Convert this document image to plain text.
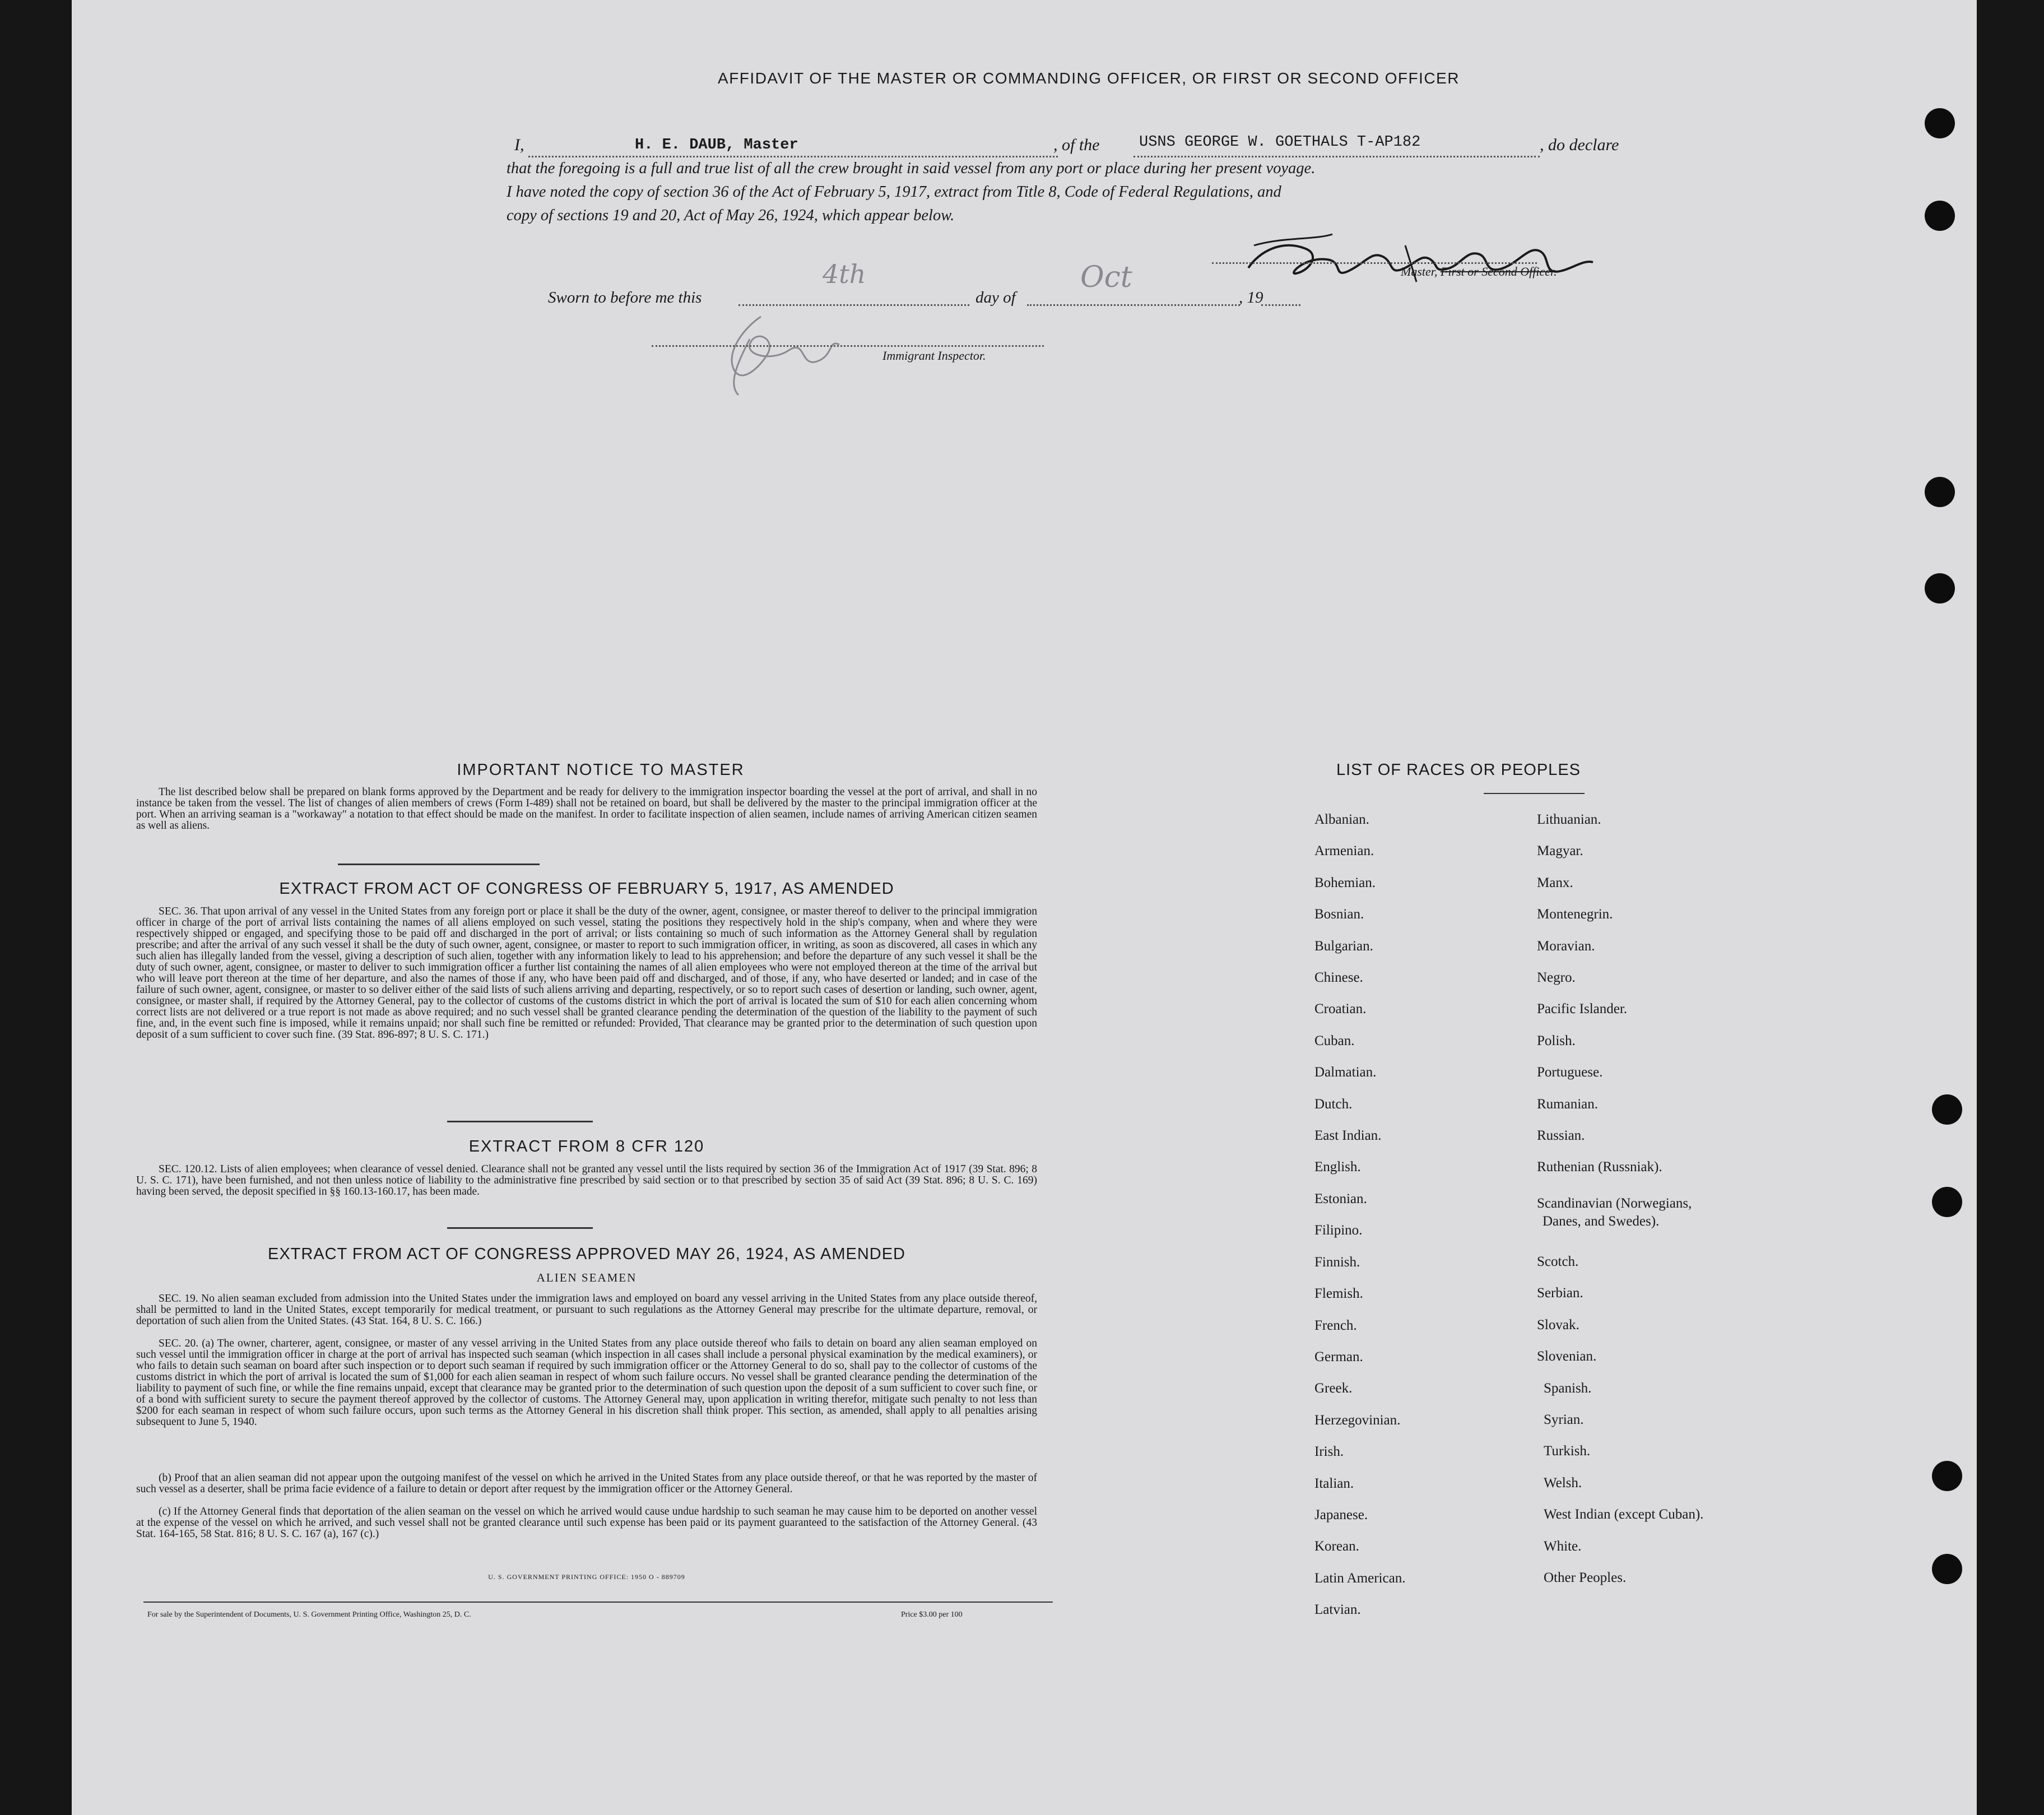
AFFIDAVIT OF THE MASTER OR COMMANDING OFFICER, OR FIRST OR SECOND OFFICER
I,	H. E. DAUB, Master	, of the	USNS GEORGE W. GOETHALS T-AP182	, do declare
that the foregoing is a full and true list of all the crew brought in said vessel from any port or place during her present voyage.
I have noted the copy of section 36 of the Act of February 5, 1917, extract from Title 8, Code of Federal Regulations, and
copy of sections 19 and 20, Act of May 26, 1924, which appear below.
Master, First or Second Officer.
Sworn to before me this
4th
day of
Oct
, 19
Immigrant Inspector.
IMPORTANT NOTICE TO MASTER

The list described below shall be prepared on blank forms approved by the Department and be ready for delivery to the immigration inspector boarding the vessel at the port of arrival, and shall in no instance be taken from the vessel. The list of changes of alien members of crews (Form I-489) shall not be retained on board, but shall be delivered by the master to the principal immigration officer at the port. When an arriving seaman is a "workaway" a notation to that effect should be made on the manifest. In order to facilitate inspection of alien seamen, include names of arriving American citizen seamen as well as aliens.

EXTRACT FROM ACT OF CONGRESS OF FEBRUARY 5, 1917, AS AMENDED

SEC. 36. That upon arrival of any vessel in the United States from any foreign port or place it shall be the duty of the owner, agent, consignee, or master thereof to deliver to the principal immigration officer in charge of the port of arrival lists containing the names of all aliens employed on such vessel, stating the positions they respectively hold in the ship's company, when and where they were respectively shipped or engaged, and specifying those to be paid off and discharged in the port of arrival; or lists containing so much of such information as the Attorney General shall by regulation prescribe; and after the arrival of any such vessel it shall be the duty of such owner, agent, consignee, or master to report to such immigration officer, in writing, as soon as discovered, all cases in which any such alien has illegally landed from the vessel, giving a description of such alien, together with any information likely to lead to his apprehension; and before the departure of any such vessel it shall be the duty of such owner, agent, consignee, or master to deliver to such immigration officer a further list containing the names of all alien employees who were not employed thereon at the time of the arrival but who will leave port thereon at the time of her departure, and also the names of those if any, who have been paid off and discharged, and of those, if any, who have deserted or landed; and in case of the failure of such owner, agent, consignee, or master to so deliver either of the said lists of such aliens arriving and departing, respectively, or so to report such cases of desertion or landing, such owner, agent, consignee, or master shall, if required by the Attorney General, pay to the collector of customs of the customs district in which the port of arrival is located the sum of $10 for each alien concerning whom correct lists are not delivered or a true report is not made as above required; and no such vessel shall be granted clearance pending the determination of the question of the liability to the payment of such fine, and, in the event such fine is imposed, while it remains unpaid; nor shall such fine be remitted or refunded: Provided, That clearance may be granted prior to the determination of such question upon deposit of a sum sufficient to cover such fine. (39 Stat. 896-897; 8 U. S. C. 171.)

EXTRACT FROM 8 CFR 120

SEC. 120.12. Lists of alien employees; when clearance of vessel denied. Clearance shall not be granted any vessel until the lists required by section 36 of the Immigration Act of 1917 (39 Stat. 896; 8 U. S. C. 171), have been furnished, and not then unless notice of liability to the administrative fine prescribed by said section or to that prescribed by section 35 of said Act (39 Stat. 896; 8 U. S. C. 169) having been served, the deposit specified in §§ 160.13-160.17, has been made.

EXTRACT FROM ACT OF CONGRESS APPROVED MAY 26, 1924, AS AMENDED
ALIEN SEAMEN

SEC. 19. No alien seaman excluded from admission into the United States under the immigration laws and employed on board any vessel arriving in the United States from any place outside thereof, shall be permitted to land in the United States, except temporarily for medical treatment, or pursuant to such regulations as the Attorney General may prescribe for the ultimate departure, removal, or deportation of such alien from the United States. (43 Stat. 164, 8 U. S. C. 166.)

SEC. 20. (a) The owner, charterer, agent, consignee, or master of any vessel arriving in the United States from any place outside thereof who fails to detain on board any alien seaman employed on such vessel until the immigration officer in charge at the port of arrival has inspected such seaman (which inspection in all cases shall include a personal physical examination by the medical examiners), or who fails to detain such seaman on board after such inspection or to deport such seaman if required by such immigration officer or the Attorney General to do so, shall pay to the collector of customs of the customs district in which the port of arrival is located the sum of $1,000 for each alien seaman in respect of whom such failure occurs. No vessel shall be granted clearance pending the determination of the liability to payment of such fine, or while the fine remains unpaid, except that clearance may be granted prior to the determination of such question upon the deposit of a sum sufficient to cover such fine, or of a bond with sufficient surety to secure the payment thereof approved by the collector of customs. The Attorney General may, upon application in writing therefor, mitigate such penalty to not less than $200 for each seaman in respect of whom such failure occurs, upon such terms as the Attorney General in his discretion shall think proper. This section, as amended, shall apply to all penalties arising subsequent to June 5, 1940.

(b) Proof that an alien seaman did not appear upon the outgoing manifest of the vessel on which he arrived in the United States from any place outside thereof, or that he was reported by the master of such vessel as a deserter, shall be prima facie evidence of a failure to detain or deport after request by the immigration officer or the Attorney General.

(c) If the Attorney General finds that deportation of the alien seaman on the vessel on which he arrived would cause undue hardship to such seaman he may cause him to be deported on another vessel at the expense of the vessel on which he arrived, and such vessel shall not be granted clearance until such expense has been paid or its payment guaranteed to the satisfaction of the Attorney General. (43 Stat. 164-165, 58 Stat. 816; 8 U. S. C. 167 (a), 167 (c).)

U. S. GOVERNMENT PRINTING OFFICE: 1950 O - 889709
For sale by the Superintendent of Documents, U. S. Government Printing Office, Washington 25, D. C.	Price $3.00 per 100
LIST OF RACES OR PEOPLES
Albanian.
Armenian.
Bohemian.
Bosnian.
Bulgarian.
Chinese.
Croatian.
Cuban.
Dalmatian.
Dutch.
East Indian.
English.
Estonian.
Filipino.
Finnish.
Flemish.
French.
German.
Greek.
Herzegovinian.
Irish.
Italian.
Japanese.
Korean.
Latin American.
Latvian.
Lithuanian.
Magyar.
Manx.
Montenegrin.
Moravian.
Negro.
Pacific Islander.
Polish.
Portuguese.
Rumanian.
Russian.
Ruthenian (Russniak).
Scandinavian (Norwegians,
Danes, and Swedes).
Scotch.
Serbian.
Slovak.
Slovenian.
Spanish.
Syrian.
Turkish.
Welsh.
West Indian (except Cuban).
White.
Other Peoples.
